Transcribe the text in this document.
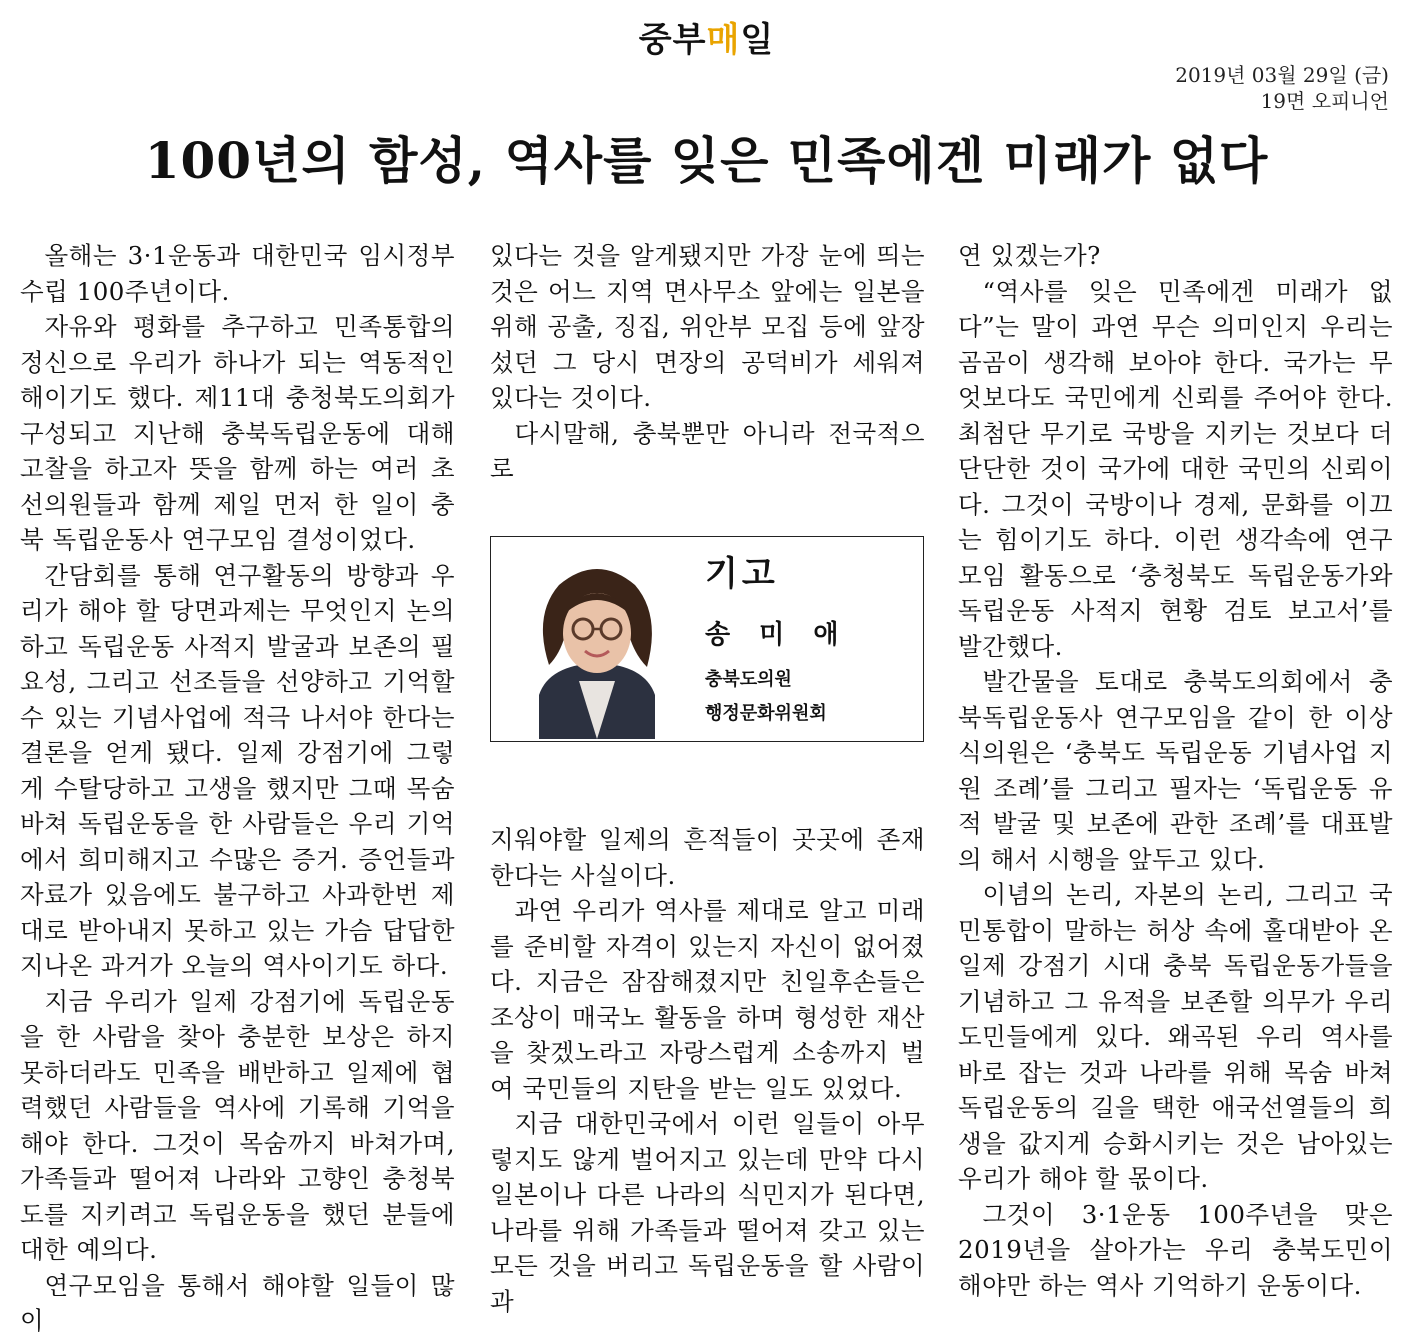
중부매일
2019년 03월 29일 (금)
19면 오피니언
100년의 함성, 역사를 잊은 민족에겐 미래가 없다

올해는 3·1운동과 대한민국 임시정부 수립 100주년이다.

자유와 평화를 추구하고 민족통합의 정신으로 우리가 하나가 되는 역동적인 해이기도 했다. 제11대 충청북도의회가 구성되고 지난해 충북독립운동에 대해 고찰을 하고자 뜻을 함께 하는 여러 초선의원들과 함께 제일 먼저 한 일이 충북 독립운동사 연구모임 결성이었다.

간담회를 통해 연구활동의 방향과 우리가 해야 할 당면과제는 무엇인지 논의하고 독립운동 사적지 발굴과 보존의 필요성, 그리고 선조들을 선양하고 기억할 수 있는 기념사업에 적극 나서야 한다는 결론을 얻게 됐다. 일제 강점기에 그렇게 수탈당하고 고생을 했지만 그때 목숨 바쳐 독립운동을 한 사람들은 우리 기억에서 희미해지고 수많은 증거. 증언들과 자료가 있음에도 불구하고 사과한번 제대로 받아내지 못하고 있는 가슴 답답한 지나온 과거가 오늘의 역사이기도 하다.

지금 우리가 일제 강점기에 독립운동을 한 사람을 찾아 충분한 보상은 하지 못하더라도 민족을 배반하고 일제에 협력했던 사람들을 역사에 기록해 기억을 해야 한다. 그것이 목숨까지 바쳐가며, 가족들과 떨어져 나라와 고향인 충청북도를 지키려고 독립운동을 했던 분들에 대한 예의다.

연구모임을 통해서 해야할 일들이 많이

있다는 것을 알게됐지만 가장 눈에 띄는 것은 어느 지역 면사무소 앞에는 일본을 위해 공출, 징집, 위안부 모집 등에 앞장섰던 그 당시 면장의 공덕비가 세워져 있다는 것이다.

다시말해, 충북뿐만 아니라 전국적으로

기고
송 미 애
충북도의원
행정문화위원회

지워야할 일제의 흔적들이 곳곳에 존재한다는 사실이다.

과연 우리가 역사를 제대로 알고 미래를 준비할 자격이 있는지 자신이 없어졌다. 지금은 잠잠해졌지만 친일후손들은 조상이 매국노 활동을 하며 형성한 재산을 찾겠노라고 자랑스럽게 소송까지 벌여 국민들의 지탄을 받는 일도 있었다.

지금 대한민국에서 이런 일들이 아무렇지도 않게 벌어지고 있는데 만약 다시 일본이나 다른 나라의 식민지가 된다면, 나라를 위해 가족들과 떨어져 갖고 있는 모든 것을 버리고 독립운동을 할 사람이 과

연 있겠는가?

“역사를 잊은 민족에겐 미래가 없다”는 말이 과연 무슨 의미인지 우리는 곰곰이 생각해 보아야 한다. 국가는 무엇보다도 국민에게 신뢰를 주어야 한다. 최첨단 무기로 국방을 지키는 것보다 더 단단한 것이 국가에 대한 국민의 신뢰이다. 그것이 국방이나 경제, 문화를 이끄는 힘이기도 하다. 이런 생각속에 연구모임 활동으로 ‘충청북도 독립운동가와 독립운동 사적지 현황 검토 보고서’를 발간했다.

발간물을 토대로 충북도의회에서 충북독립운동사 연구모임을 같이 한 이상식의원은 ‘충북도 독립운동 기념사업 지원 조례’를 그리고 필자는 ‘독립운동 유적 발굴 및 보존에 관한 조례’를 대표발의 해서 시행을 앞두고 있다.

이념의 논리, 자본의 논리, 그리고 국민통합이 말하는 허상 속에 홀대받아 온 일제 강점기 시대 충북 독립운동가들을 기념하고 그 유적을 보존할 의무가 우리 도민들에게 있다. 왜곡된 우리 역사를 바로 잡는 것과 나라를 위해 목숨 바쳐 독립운동의 길을 택한 애국선열들의 희생을 값지게 승화시키는 것은 남아있는 우리가 해야 할 몫이다.

그것이 3·1운동 100주년을 맞은 2019년을 살아가는 우리 충북도민이 해야만 하는 역사 기억하기 운동이다.
